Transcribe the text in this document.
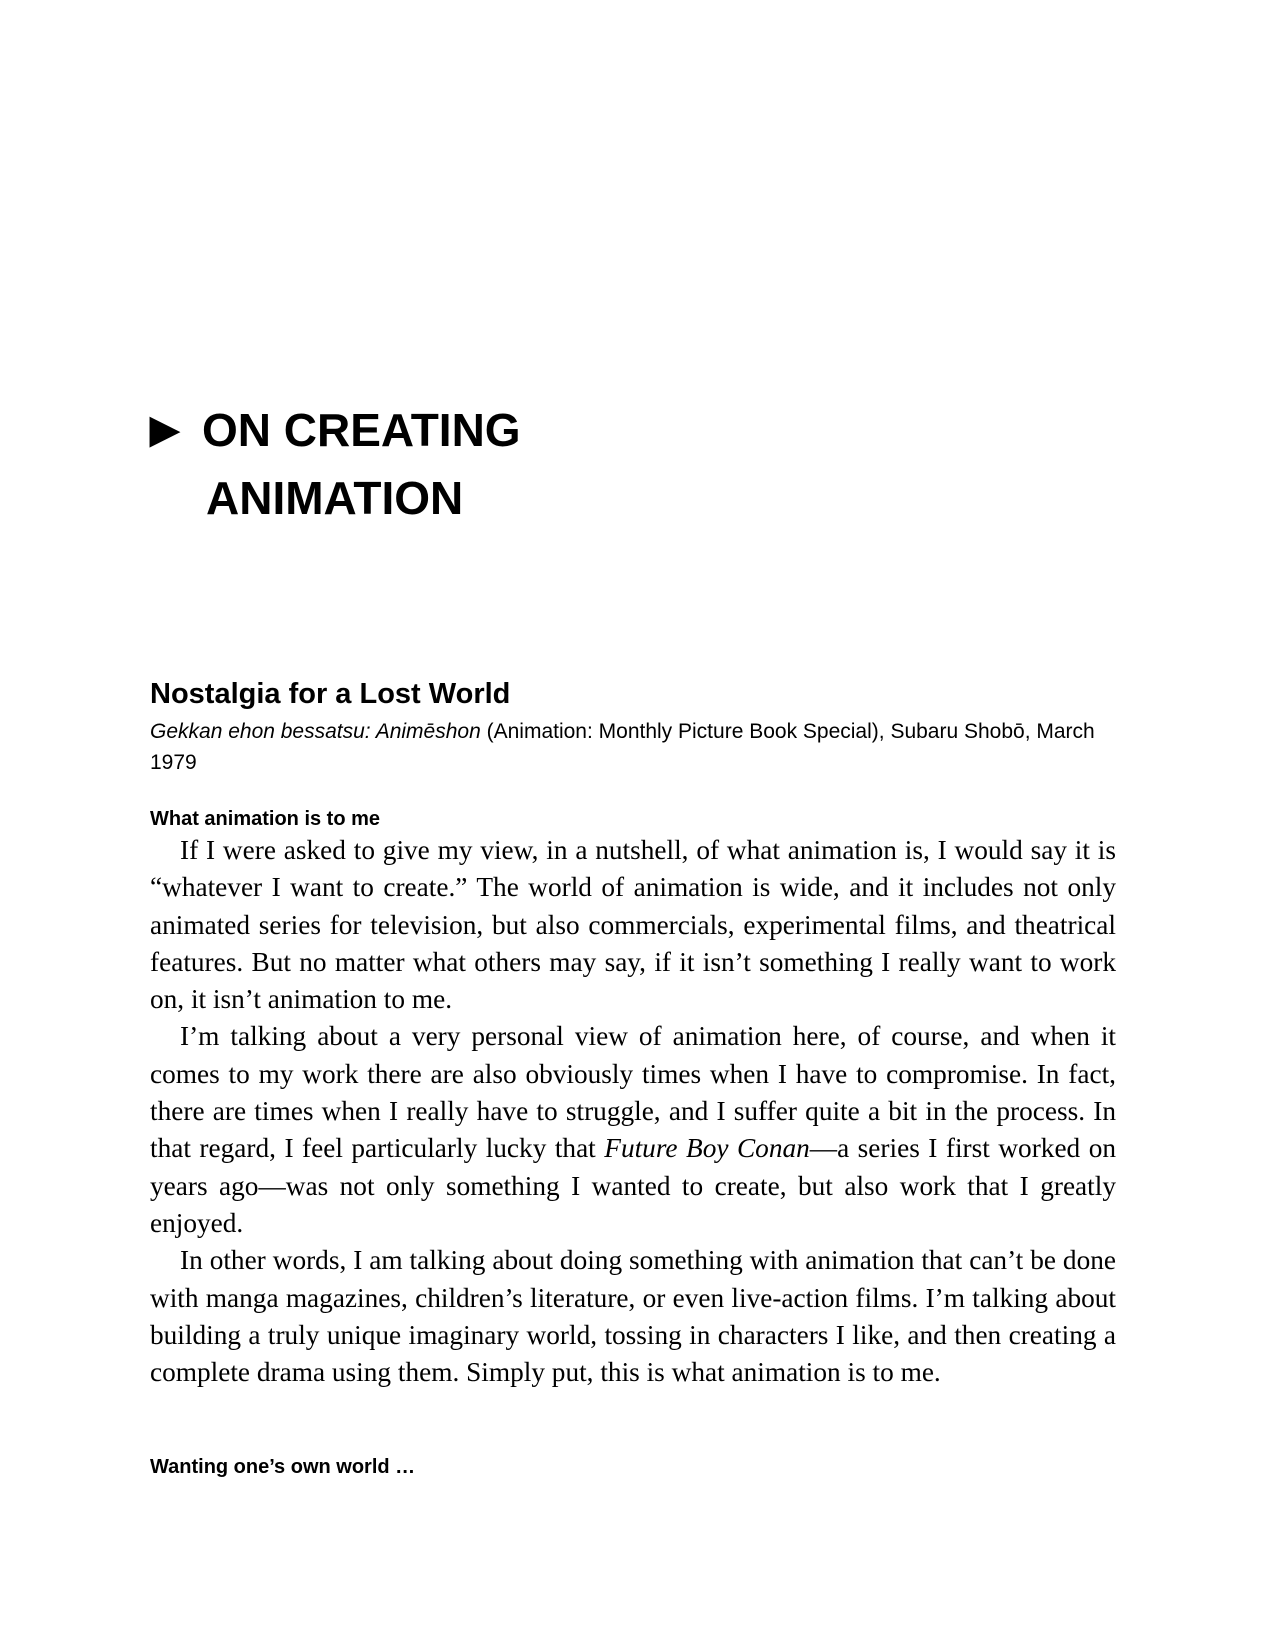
▶ ON CREATING
ANIMATION
Nostalgia for a Lost World

Gekkan ehon bessatsu: Animēshon (Animation: Monthly Picture Book Special), Subaru Shobō, March 1979

What animation is to me

If I were asked to give my view, in a nutshell, of what animation is, I would say it is “whatever I want to create.” The world of animation is wide, and it includes not only animated series for television, but also commercials, experimental films, and theatrical features. But no matter what others may say, if it isn’t something I really want to work on, it isn’t animation to me.

I’m talking about a very personal view of animation here, of course, and when it comes to my work there are also obviously times when I have to compromise. In fact, there are times when I really have to struggle, and I suffer quite a bit in the process. In that regard, I feel particularly lucky that Future Boy Conan—a series I first worked on years ago—was not only something I wanted to create, but also work that I greatly enjoyed.

In other words, I am talking about doing something with animation that can’t be done with manga magazines, children’s literature, or even live-action films. I’m talking about building a truly unique imaginary world, tossing in characters I like, and then creating a complete drama using them. Simply put, this is what animation is to me.

Wanting one’s own world …
